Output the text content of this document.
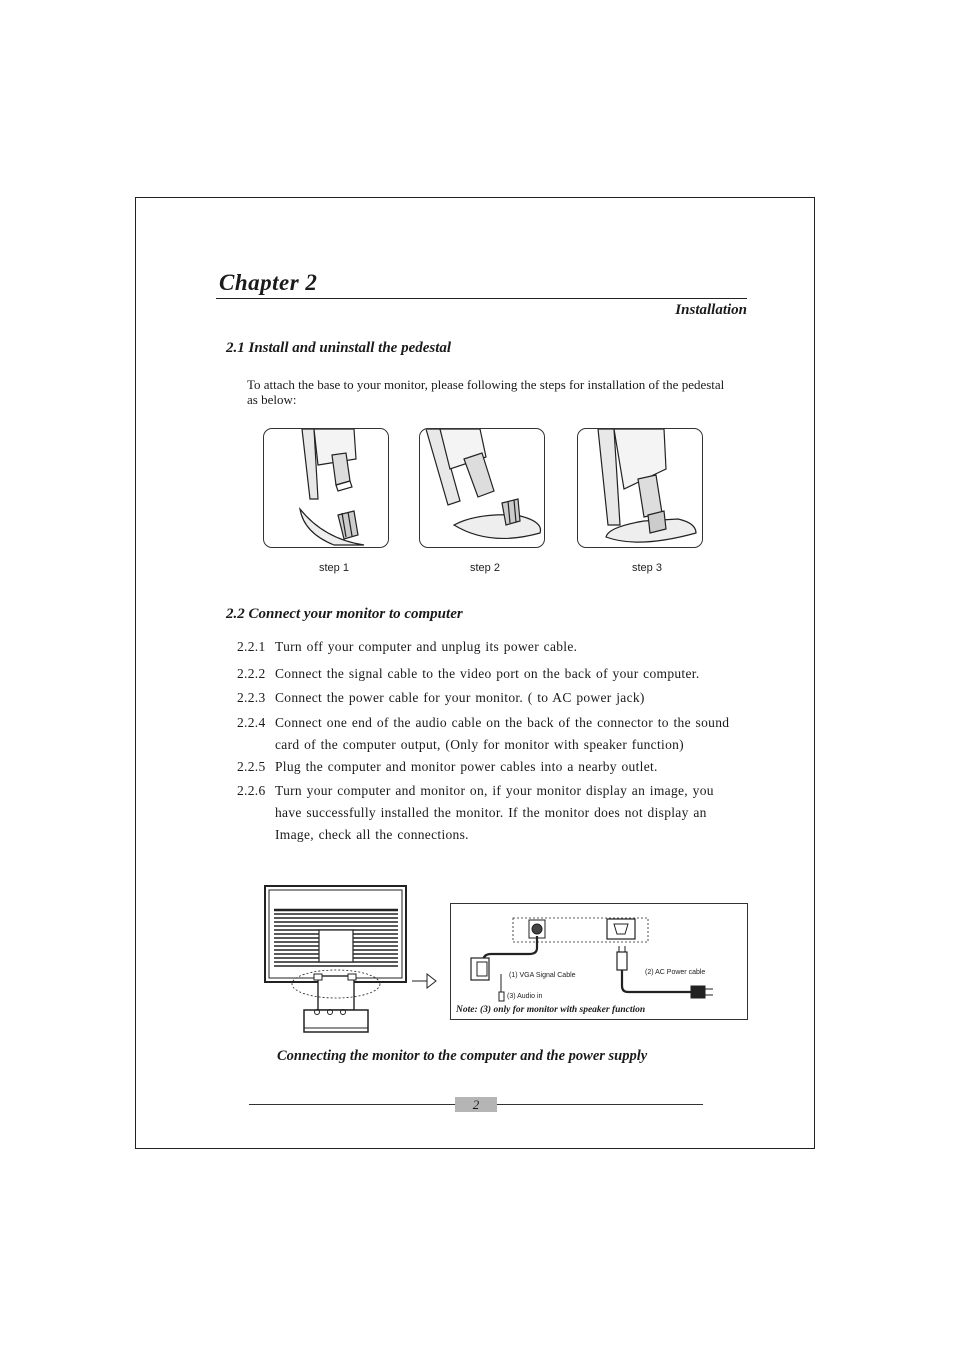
Chapter 2
Installation
2.1 Install and uninstall the pedestal
To attach the base to your monitor, please following the steps for installation of the pedestal as below:
step 1	step 2	step 3
2.2 Connect your monitor to computer
2.2.1 Turn off your computer and unplug its power cable.
2.2.2 Connect the signal cable to the video port on the back of your computer.
2.2.3 Connect the power cable for your monitor. ( to AC power jack)
2.2.4 Connect one end of the audio cable on the back of the connector to the sound
card of the computer output, (Only for monitor with speaker function)
2.2.5 Plug the computer and monitor power cables into a nearby outlet.
2.2.6 Turn your computer and monitor on, if your monitor display an image, you
have successfully installed the monitor. If the monitor does not display an
Image, check all the connections.
(1) VGA Signal Cable	(2) AC Power cable
(3) Audio in
Note: (3) only for monitor with speaker function
Connecting the monitor to the computer and the power supply
2
